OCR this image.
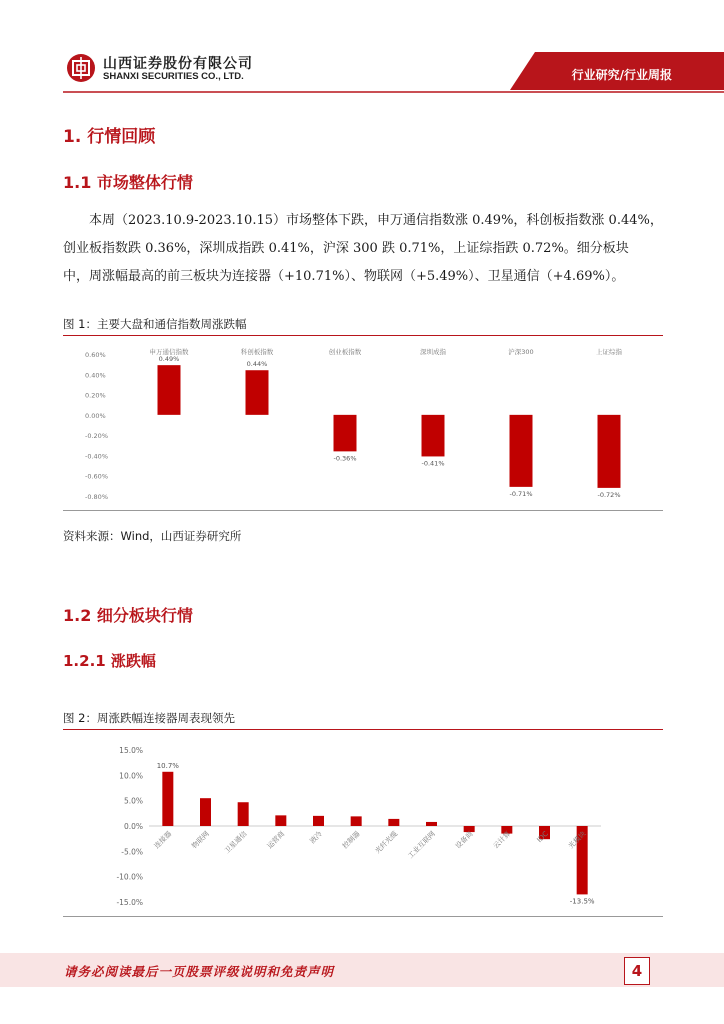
山西证券股份有限公司
SHANXI SECURITIES CO., LTD.	行业研究/行业周报
1. 行情回顾
1.1 市场整体行情
本周（2023.10.9-2023.10.15）市场整体下跌，申万通信指数涨 0.49%，科创板指数涨 0.44%，
创业板指数跌 0.36%，深圳成指跌 0.41%，沪深 300 跌 0.71%，上证综指跌 0.72%。细分板块
中，周涨幅最高的前三板块为连接器（+10.71%）、物联网（+5.49%）、卫星通信（+4.69%）。
图 1：主要大盘和通信指数周涨跌幅
0.60%
0.40%
0.20%
0.00%
-0.20%
-0.40%
-0.60%
-0.80%
申万通信指数
0.49%
科创板指数
0.44%
创业板指数
-0.36%
深圳成指
-0.41%
沪深300
-0.71%
上证综指
-0.72%
资料来源：Wind，山西证券研究所
1.2 细分板块行情
1.2.1 涨跌幅
图 2：周涨跌幅连接器周表现领先
15.0%
10.0%
5.0%
0.0%
-5.0%
-10.0%
-15.0%
连接器
10.7%
物联网 卫星通信 运营商	液冷 控制器 光纤光缆 工业互联网 设备商 云计算	IDC 光模块
-13.5%
请务必阅读最后一页股票评级说明和免责声明	4
